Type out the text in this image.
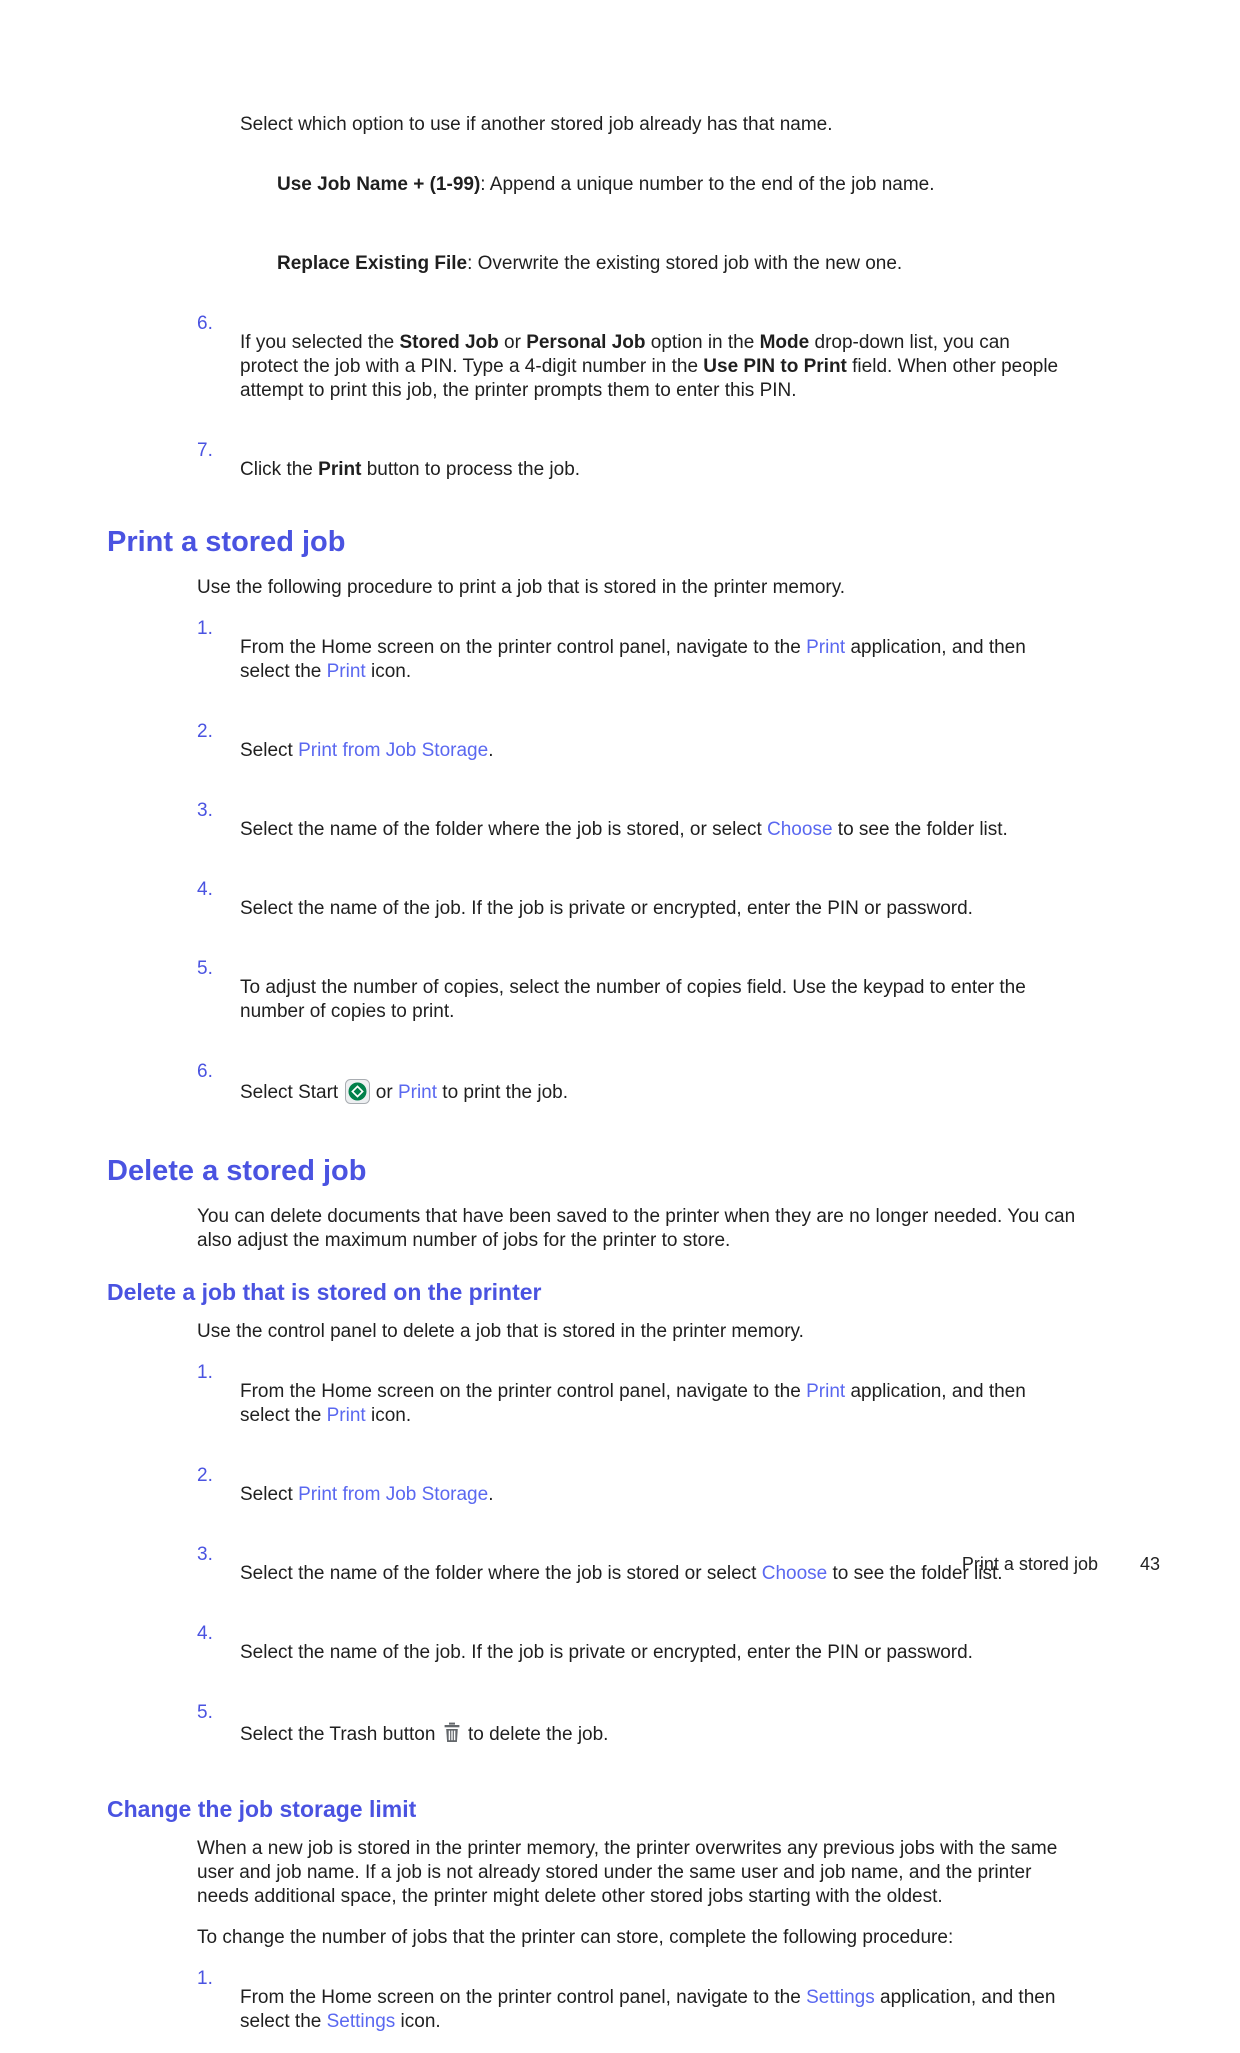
Select which option to use if another stored job already has that name.

Use Job Name + (1-99): Append a unique number to the end of the job name.

Replace Existing File: Overwrite the existing stored job with the new one.

6.

If you selected the Stored Job or Personal Job option in the Mode drop-down list, you can protect the job with a PIN. Type a 4-digit number in the Use PIN to Print field. When other people attempt to print this job, the printer prompts them to enter this PIN.

7.

Click the Print button to process the job.

Print a stored job

Use the following procedure to print a job that is stored in the printer memory.

1.

From the Home screen on the printer control panel, navigate to the Print application, and then select the Print icon.

2.

Select Print from Job Storage.

3.

Select the name of the folder where the job is stored, or select Choose to see the folder list.

4.

Select the name of the job. If the job is private or encrypted, enter the PIN or password.

5.

To adjust the number of copies, select the number of copies field. Use the keypad to enter the number of copies to print.

6.

Select Start  or Print to print the job.

Delete a stored job

You can delete documents that have been saved to the printer when they are no longer needed. You can also adjust the maximum number of jobs for the printer to store.

Delete a job that is stored on the printer

Use the control panel to delete a job that is stored in the printer memory.

1.

From the Home screen on the printer control panel, navigate to the Print application, and then select the Print icon.

2.

Select Print from Job Storage.

3.

Select the name of the folder where the job is stored or select Choose to see the folder list.

4.

Select the name of the job. If the job is private or encrypted, enter the PIN or password.

5.

Select the Trash button  to delete the job.

Change the job storage limit

When a new job is stored in the printer memory, the printer overwrites any previous jobs with the same user and job name. If a job is not already stored under the same user and job name, and the printer needs additional space, the printer might delete other stored jobs starting with the oldest.

To change the number of jobs that the printer can store, complete the following procedure:

1.

From the Home screen on the printer control panel, navigate to the Settings application, and then select the Settings icon.

Print a stored job 43
